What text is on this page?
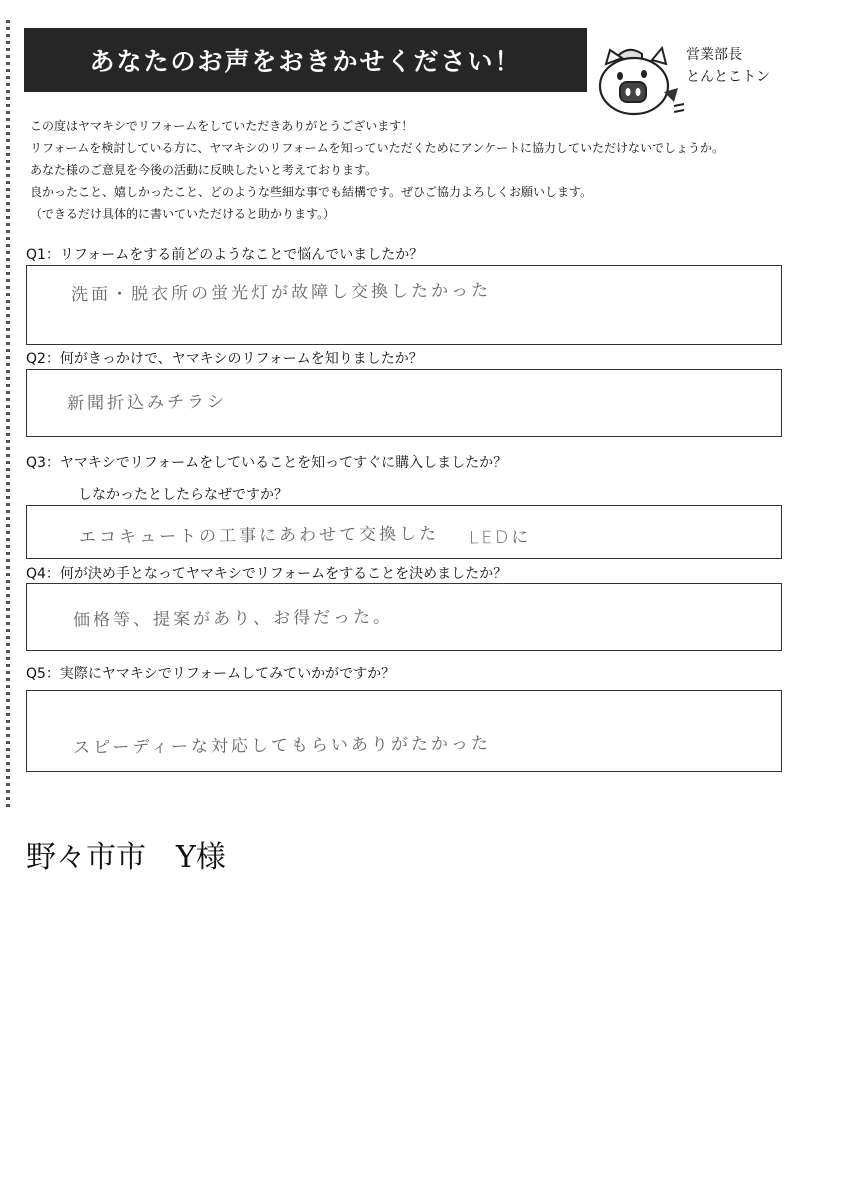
あなたのお声をおきかせください！	営業部長
とんとこトン
この度はヤマキシでリフォームをしていただきありがとうございます！
リフォームを検討している方に、ヤマキシのリフォームを知っていただくためにアンケートに協力していただけないでしょうか。
あなた様のご意見を今後の活動に反映したいと考えております。
良かったこと、嬉しかったこと、どのような些細な事でも結構です。ぜひご協力よろしくお願いします。
（できるだけ具体的に書いていただけると助かります。）
Q1：リフォームをする前どのようなことで悩んでいましたか？
洗面・脱衣所の蛍光灯が故障し交換したかった
Q2：何がきっかけで、ヤマキシのリフォームを知りましたか？
新聞折込みチラシ
Q3：ヤマキシでリフォームをしていることを知ってすぐに購入しましたか？
しなかったとしたらなぜですか？
エコキュートの工事にあわせて交換した LEDに
Q4：何が決め手となってヤマキシでリフォームをすることを決めましたか？
価格等、提案があり、お得だった。
Q5：実際にヤマキシでリフォームしてみていかがですか？
スピーディーな対応してもらいありがたかった
野々市市　Y様
